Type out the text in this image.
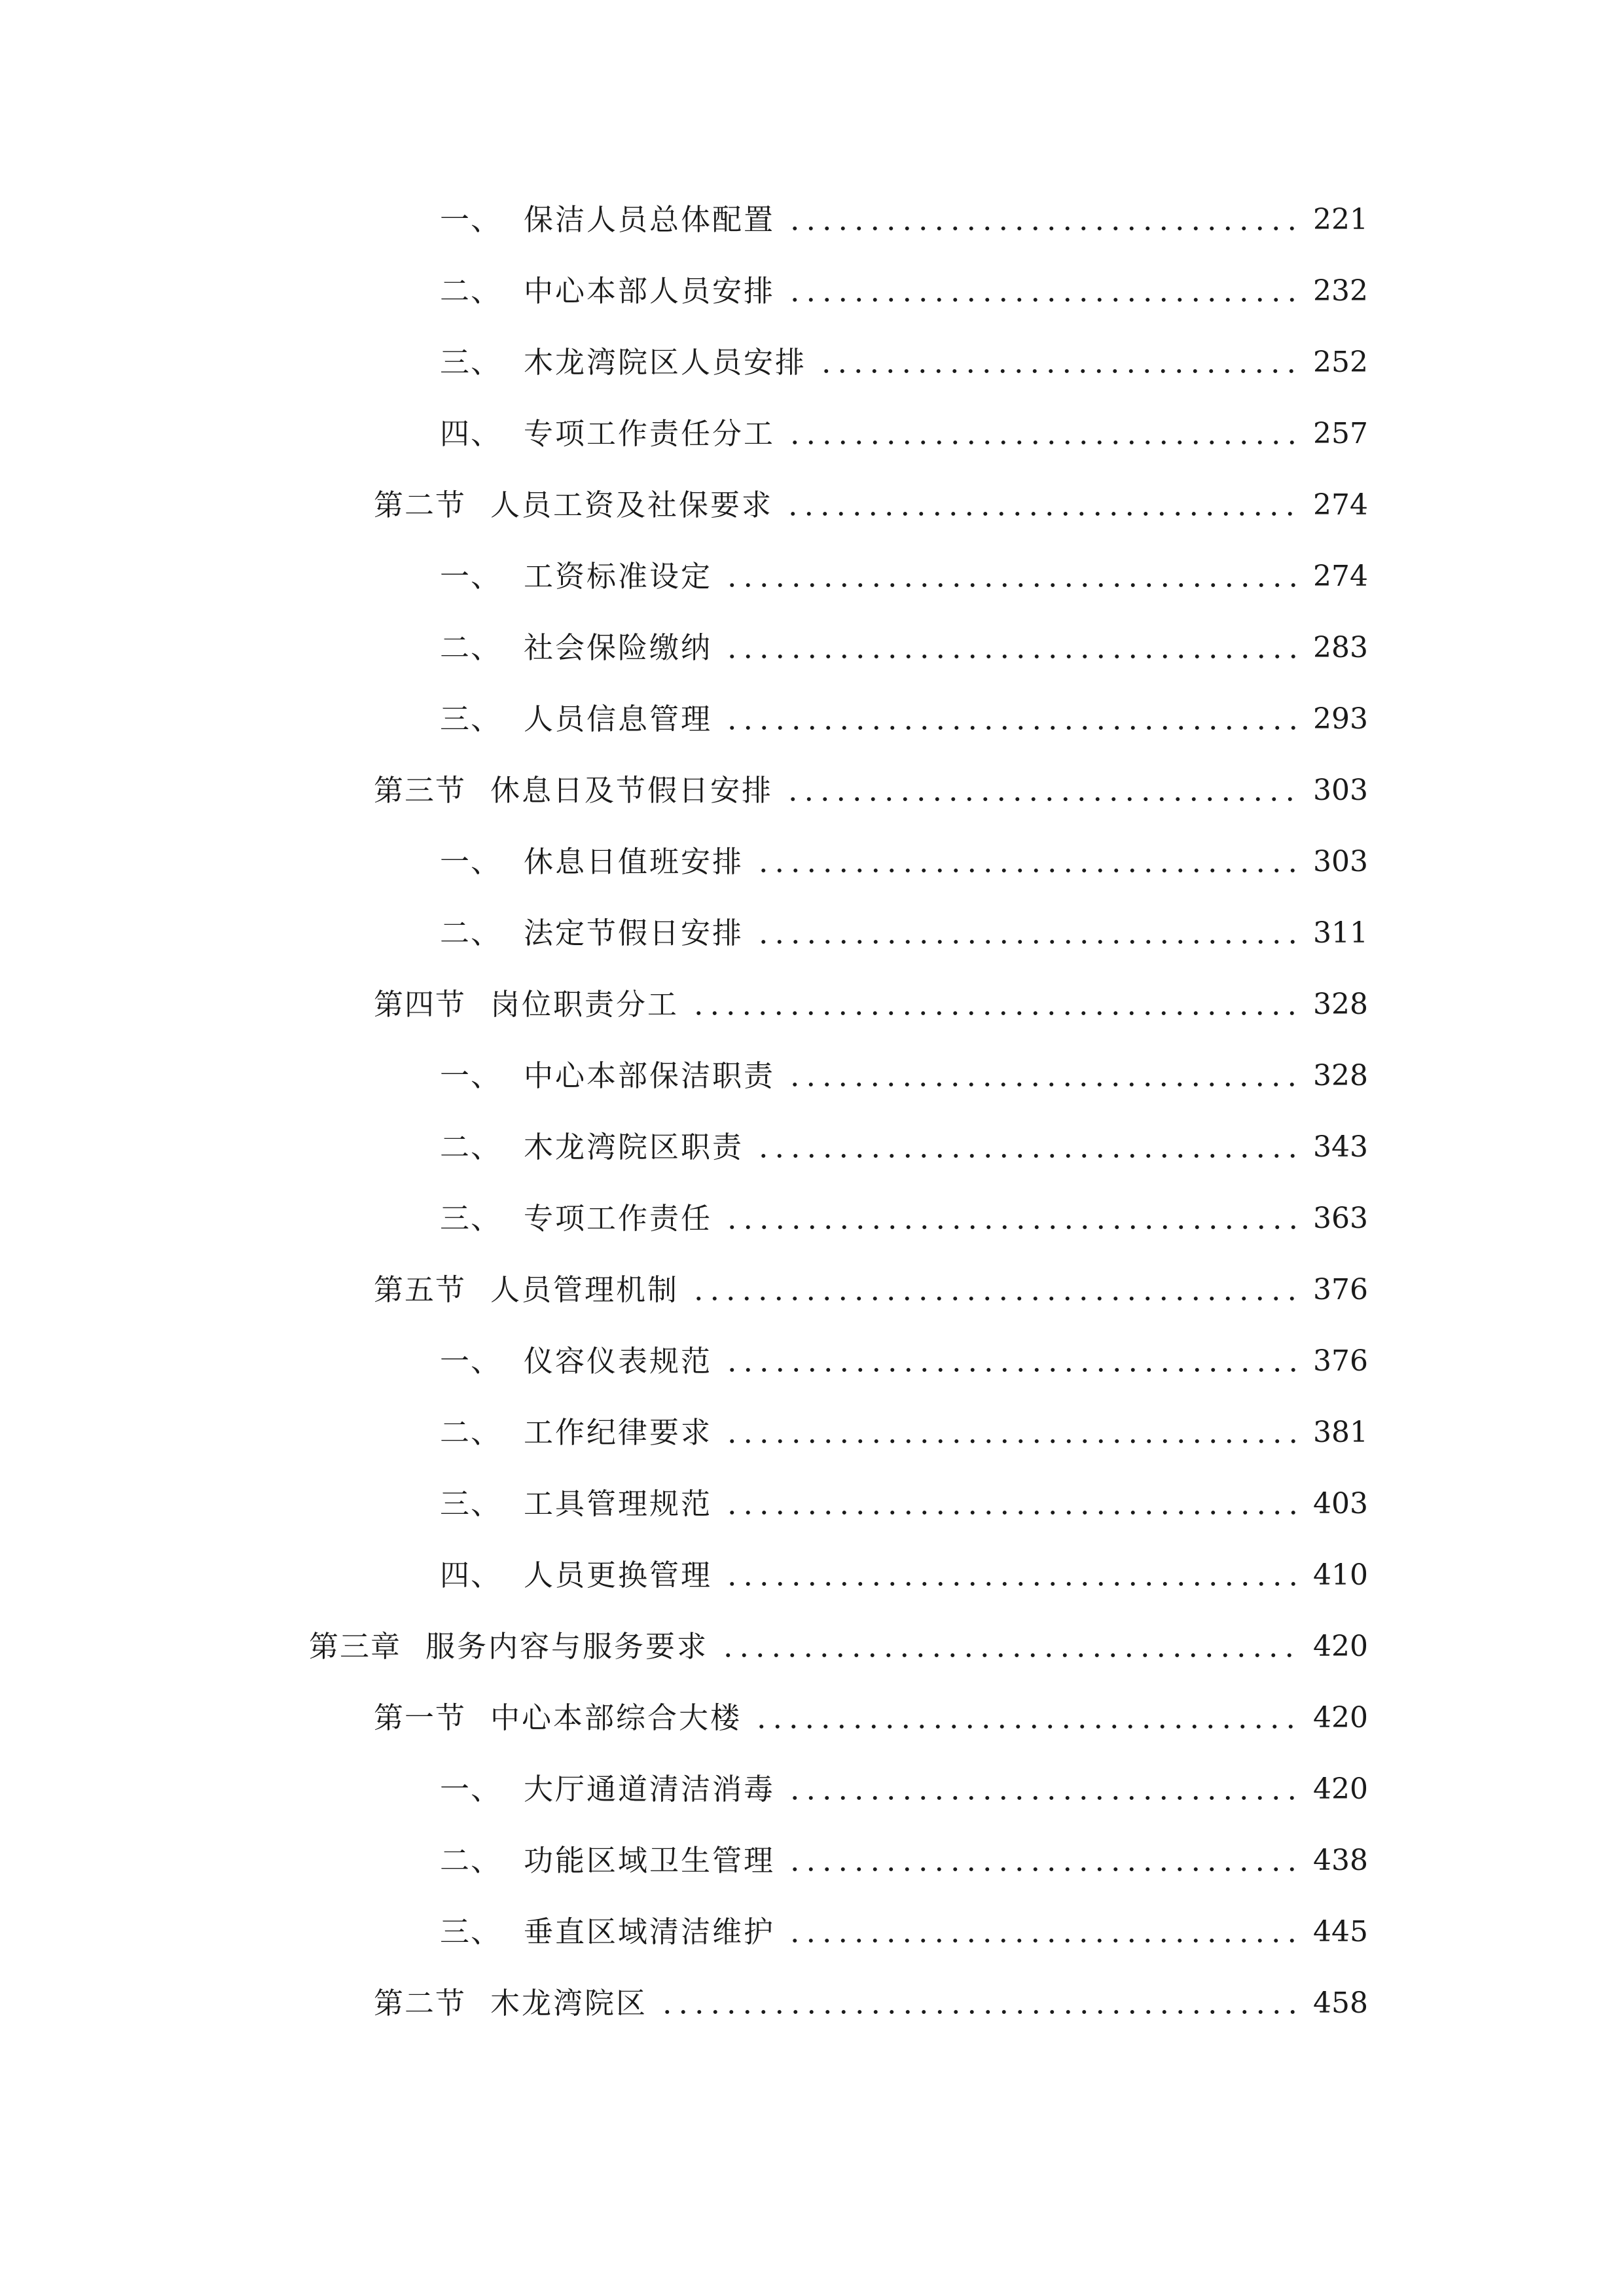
一、 保洁人员总体配置	221
二、 中心本部人员安排	232
三、 木龙湾院区人员安排	252
四、 专项工作责任分工	257
第二节 人员工资及社保要求	274
一、 工资标准设定	274
二、 社会保险缴纳	283
三、 人员信息管理	293
第三节 休息日及节假日安排	303
一、 休息日值班安排	303
二、 法定节假日安排	311
第四节 岗位职责分工	328
一、 中心本部保洁职责	328
二、 木龙湾院区职责	343
三、 专项工作责任	363
第五节 人员管理机制	376
一、 仪容仪表规范	376
二、 工作纪律要求	381
三、 工具管理规范	403
四、 人员更换管理	410
第三章 服务内容与服务要求	420
第一节 中心本部综合大楼	420
一、 大厅通道清洁消毒	420
二、 功能区域卫生管理	438
三、 垂直区域清洁维护	445
第二节 木龙湾院区	458
